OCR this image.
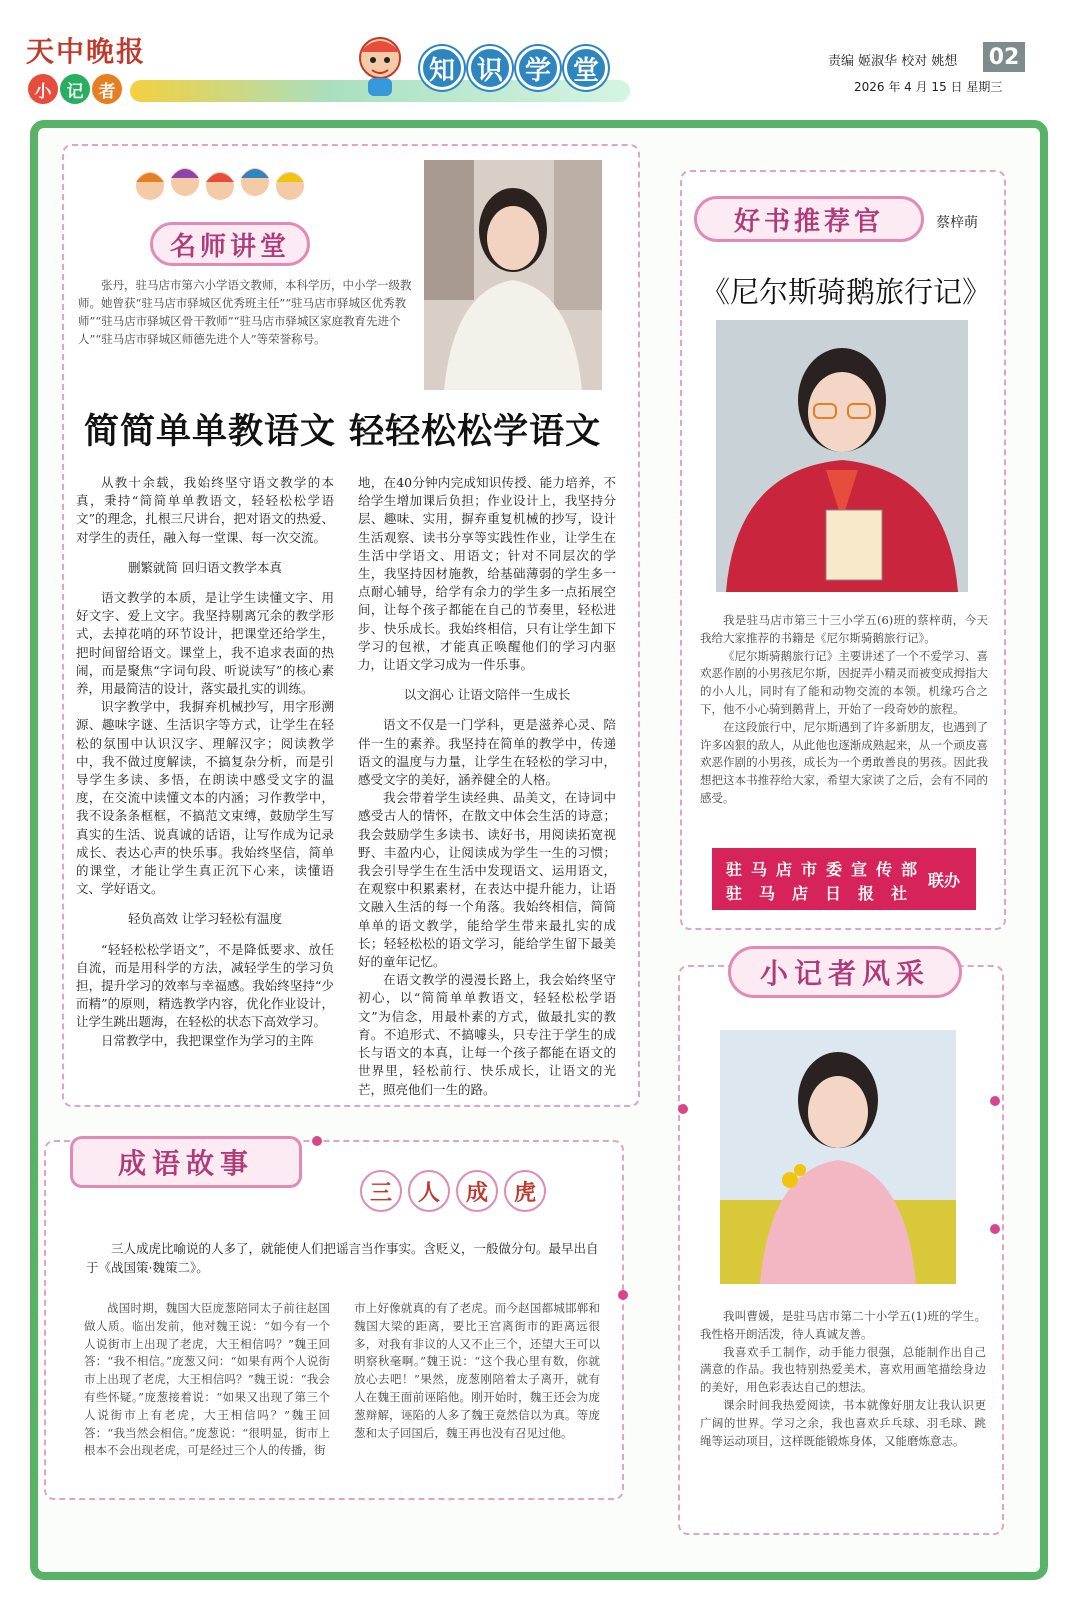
天中晚报
小 记 者
知 识 学 堂	责编 姬淑华 校对 姚想
2026 年 4 月 15 日 星期三
02
名师讲堂
张丹，驻马店市第六小学语文教师，本科学历，中小学一级教师。她曾获“驻马店市驿城区优秀班主任”“驻马店市驿城区优秀教师”“驻马店市驿城区骨干教师”“驻马店市驿城区家庭教育先进个人”“驻马店市驿城区师德先进个人”等荣誉称号。
简简单单教语文 轻轻松松学语文

从教十余载，我始终坚守语文教学的本真，秉持“简简单单教语文，轻轻松松学语文”的理念，扎根三尺讲台，把对语文的热爱、对学生的责任，融入每一堂课、每一次交流。

删繁就简 回归语文教学本真

语文教学的本质，是让学生读懂文字、用好文字、爱上文字。我坚持剔离冗余的教学形式，去掉花哨的环节设计，把课堂还给学生，把时间留给语文。课堂上，我不追求表面的热闹，而是聚焦“字词句段、听说读写”的核心素养，用最简洁的设计，落实最扎实的训练。

识字教学中，我摒弃机械抄写，用字形溯源、趣味字谜、生活识字等方式，让学生在轻松的氛围中认识汉字、理解汉字；阅读教学中，我不做过度解读，不搞复杂分析，而是引导学生多读、多悟，在朗读中感受文字的温度，在交流中读懂文本的内涵；习作教学中，我不设条条框框，不搞范文束缚，鼓励学生写真实的生活、说真诚的话语，让写作成为记录成长、表达心声的快乐事。我始终坚信，简单的课堂，才能让学生真正沉下心来，读懂语文、学好语文。

轻负高效 让学习轻松有温度

“轻轻松松学语文”，不是降低要求、放任自流，而是用科学的方法，减轻学生的学习负担，提升学习的效率与幸福感。我始终坚持“少而精”的原则，精选教学内容，优化作业设计，让学生跳出题海，在轻松的状态下高效学习。

日常教学中，我把课堂作为学习的主阵

地，在40分钟内完成知识传授、能力培养，不给学生增加课后负担；作业设计上，我坚持分层、趣味、实用，摒弃重复机械的抄写，设计生活观察、读书分享等实践性作业，让学生在生活中学语文、用语文；针对不同层次的学生，我坚持因材施教，给基础薄弱的学生多一点耐心辅导，给学有余力的学生多一点拓展空间，让每个孩子都能在自己的节奏里，轻松进步、快乐成长。我始终相信，只有让学生卸下学习的包袱，才能真正唤醒他们的学习内驱力，让语文学习成为一件乐事。

以文润心 让语文陪伴一生成长

语文不仅是一门学科，更是滋养心灵、陪伴一生的素养。我坚持在简单的教学中，传递语文的温度与力量，让学生在轻松的学习中，感受文字的美好，涵养健全的人格。

我会带着学生读经典、品美文，在诗词中感受古人的情怀，在散文中体会生活的诗意；我会鼓励学生多读书、读好书，用阅读拓宽视野、丰盈内心，让阅读成为学生一生的习惯；我会引导学生在生活中发现语文、运用语文，在观察中积累素材，在表达中提升能力，让语文融入生活的每一个角落。我始终相信，简简单单的语文教学，能给学生带来最扎实的成长；轻轻松松的语文学习，能给学生留下最美好的童年记忆。

在语文教学的漫漫长路上，我会始终坚守初心，以“简简单单教语文，轻轻松松学语文”为信念，用最朴素的方式，做最扎实的教育。不追形式、不搞噱头，只专注于学生的成长与语文的本真，让每一个孩子都能在语文的世界里，轻松前行、快乐成长，让语文的光芒，照亮他们一生的路。

好书推荐官	蔡梓萌
《尼尔斯骑鹅旅行记》

我是驻马店市第三十三小学五(6)班的蔡梓萌，今天我给大家推荐的书籍是《尼尔斯骑鹅旅行记》。

《尼尔斯骑鹅旅行记》主要讲述了一个不爱学习、喜欢恶作剧的小男孩尼尔斯，因捉弄小精灵而被变成拇指大的小人儿，同时有了能和动物交流的本领。机缘巧合之下，他不小心骑到鹅背上，开始了一段奇妙的旅程。

在这段旅行中，尼尔斯遇到了许多新朋友，也遇到了许多凶狠的敌人，从此他也逐渐成熟起来，从一个顽皮喜欢恶作剧的小男孩，成长为一个勇敢善良的男孩。因此我想把这本书推荐给大家，希望大家读了之后，会有不同的感受。

驻马店市委宣传部
驻马店日报社
联办
小记者风采

我叫曹媛，是驻马店市第二十小学五(1)班的学生。我性格开朗活泼，待人真诚友善。

我喜欢手工制作，动手能力很强，总能制作出自己满意的作品。我也特别热爱美术，喜欢用画笔描绘身边的美好，用色彩表达自己的想法。

课余时间我热爱阅读，书本就像好朋友让我认识更广阔的世界。学习之余，我也喜欢乒乓球、羽毛球、跳绳等运动项目，这样既能锻炼身体，又能磨炼意志。

成语故事
三	人	成	虎
三人成虎比喻说的人多了，就能使人们把谣言当作事实。含贬义，一般做分句。最早出自于《战国策·魏策二》。

战国时期，魏国大臣庞葱陪同太子前往赵国做人质。临出发前，他对魏王说：“如今有一个人说街市上出现了老虎，大王相信吗？”魏王回答：“我不相信。”庞葱又问：“如果有两个人说街市上出现了老虎，大王相信吗？”魏王说：“我会有些怀疑。”庞葱接着说：“如果又出现了第三个人说街市上有老虎，大王相信吗？”魏王回答：“我当然会相信。”庞葱说：“很明显，街市上根本不会出现老虎，可是经过三个人的传播，街

市上好像就真的有了老虎。而今赵国都城邯郸和魏国大梁的距离，要比王宫离街市的距离远很多，对我有非议的人又不止三个，还望大王可以明察秋毫啊。”魏王说：“这个我心里有数，你就放心去吧！”果然，庞葱刚陪着太子离开，就有人在魏王面前诬陷他。刚开始时，魏王还会为庞葱辩解，诬陷的人多了魏王竟然信以为真。等庞葱和太子回国后，魏王再也没有召见过他。
